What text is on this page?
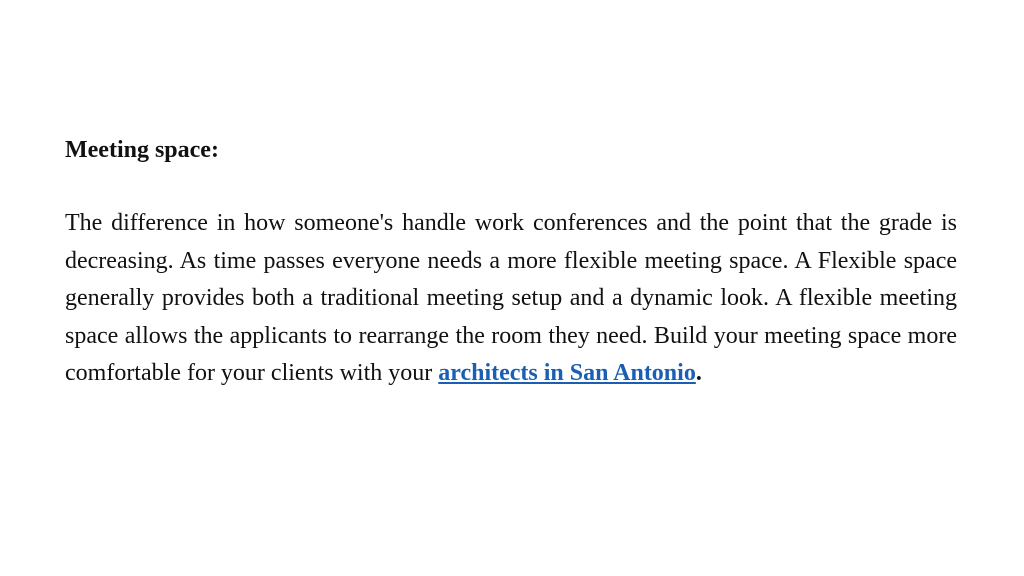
Meeting space:

The difference in how someone's handle work conferences and the point that the grade is decreasing. As time passes everyone needs a more flexible meeting space. A Flexible space generally provides both a traditional meeting setup and a dynamic look. A flexible meeting space allows the applicants to rearrange the room they need. Build your meeting space more comfortable for your clients with your architects in San Antonio.
